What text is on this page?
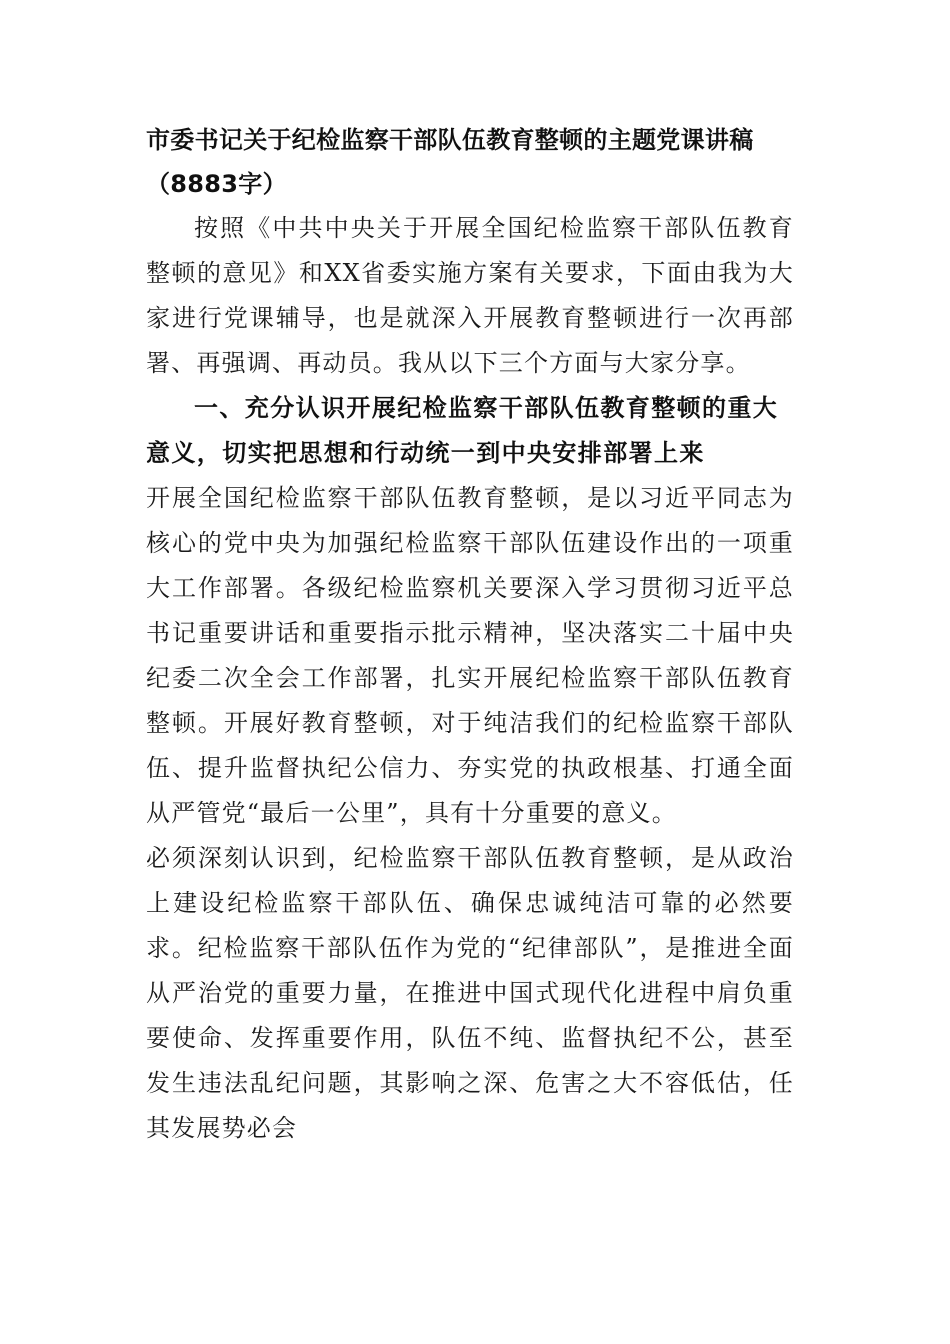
市委书记关于纪检监察干部队伍教育整顿的主题党课讲稿（8883字）

按照《中共中央关于开展全国纪检监察干部队伍教育整顿的意见》和XX省委实施方案有关要求，下面由我为大家进行党课辅导，也是就深入开展教育整顿进行一次再部署、再强调、再动员。我从以下三个方面与大家分享。

一、充分认识开展纪检监察干部队伍教育整顿的重大意义，切实把思想和行动统一到中央安排部署上来

开展全国纪检监察干部队伍教育整顿，是以习近平同志为核心的党中央为加强纪检监察干部队伍建设作出的一项重大工作部署。各级纪检监察机关要深入学习贯彻习近平总书记重要讲话和重要指示批示精神，坚决落实二十届中央纪委二次全会工作部署，扎实开展纪检监察干部队伍教育整顿。开展好教育整顿，对于纯洁我们的纪检监察干部队伍、提升监督执纪公信力、夯实党的执政根基、打通全面从严管党“最后一公里”，具有十分重要的意义。

必须深刻认识到，纪检监察干部队伍教育整顿，是从政治上建设纪检监察干部队伍、确保忠诚纯洁可靠的必然要求。纪检监察干部队伍作为党的“纪律部队”，是推进全面从严治党的重要力量，在推进中国式现代化进程中肩负重要使命、发挥重要作用，队伍不纯、监督执纪不公，甚至发生违法乱纪问题，其影响之深、危害之大不容低估，任其发展势必会
